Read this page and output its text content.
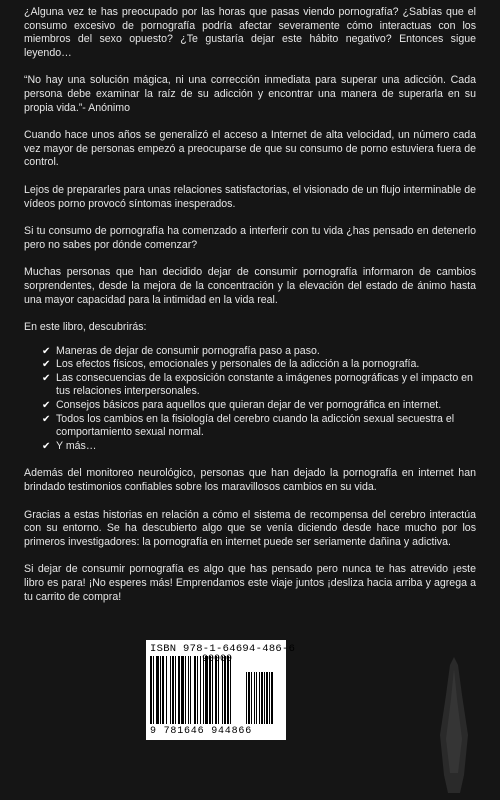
¿Alguna vez te has preocupado por las horas que pasas viendo pornografía? ¿Sabías que el consumo excesivo de pornografía podría afectar severamente cómo interactuas con los miembros del sexo opuesto? ¿Te gustaría dejar este hábito negativo? Entonces sigue leyendo…

“No hay una solución mágica, ni una corrección inmediata para superar una adicción. Cada persona debe examinar la raíz de su adicción y encontrar una manera de superarla en su propia vida.”- Anónimo

Cuando hace unos años se generalizó el acceso a Internet de alta velocidad, un número cada vez mayor de personas empezó a preocuparse de que su consumo de porno estuviera fuera de control.

Lejos de prepararles para unas relaciones satisfactorias, el visionado de un flujo interminable de vídeos porno provocó síntomas inesperados.

Si tu consumo de pornografía ha comenzado a interferir con tu vida ¿has pensado en detenerlo pero no sabes por dónde comenzar?

Muchas personas que han decidido dejar de consumir pornografía informaron de cambios sorprendentes, desde la mejora de la concentración y la elevación del estado de ánimo hasta una mayor capacidad para la intimidad en la vida real.

En este libro, descubrirás:

✔ Maneras de dejar de consumir pornografía paso a paso.
✔ Los efectos físicos, emocionales y personales de la adicción a la pornografía.
✔ Las consecuencias de la exposición constante a imágenes pornográficas y el impacto en tus relaciones interpersonales.
✔ Consejos básicos para aquellos que quieran dejar de ver pornográfica en internet.
✔ Todos los cambios en la fisiología del cerebro cuando la adicción sexual secuestra el comportamiento sexual normal.
✔ Y más…

Además del monitoreo neurológico, personas que han dejado la pornografía en internet han brindado testimonios confiables sobre los maravillosos cambios en su vida.

Gracias a estas historias en relación a cómo el sistema de recompensa del cerebro interactúa con su entorno. Se ha descubierto algo que se venía diciendo desde hace mucho por los primeros investigadores: la pornografía en internet puede ser seriamente dañina y adictiva.

Si dejar de consumir pornografía es algo que has pensado pero nunca te has atrevido ¡este libro es para! ¡No esperes más! Emprendamos este viaje juntos ¡desliza hacia arriba y agrega a tu carrito de compra!

ISBN 978-1-64694-486-6
9 781646 944866
90000
